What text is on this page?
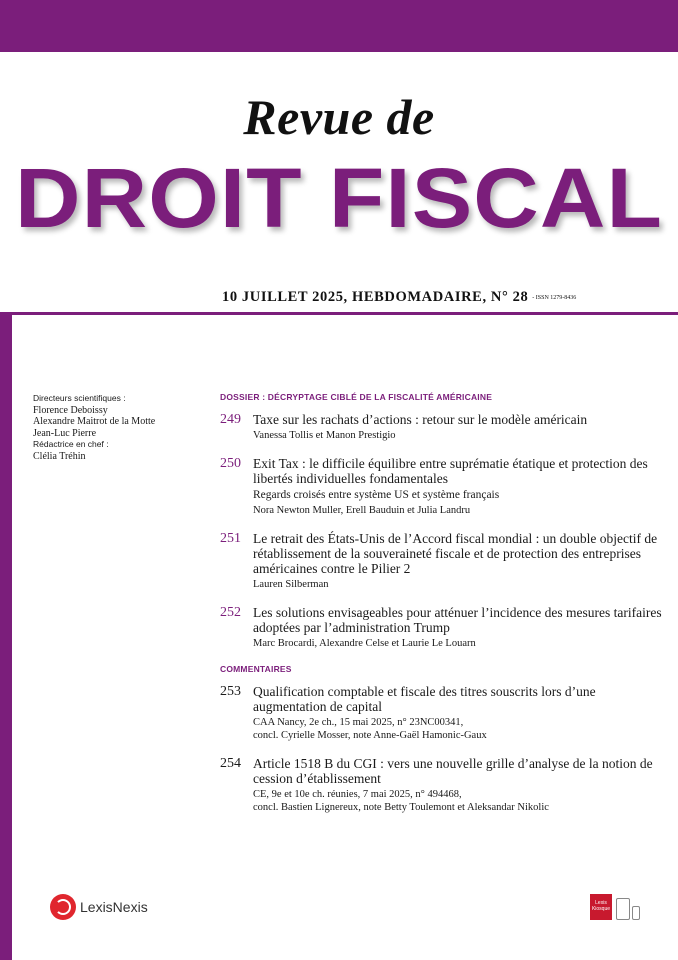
Revue de
DROIT FISCAL
10 JUILLET 2025, HEBDOMADAIRE, N° 28 - ISSN 1279-8436
Directeurs scientifiques :
Florence Deboissy
Alexandre Maitrot de la Motte
Jean-Luc Pierre
Rédactrice en chef :
Clélia Tréhin
DOSSIER : DÉCRYPTAGE CIBLÉ DE LA FISCALITÉ AMÉRICAINE
249 Taxe sur les rachats d’actions : retour sur le modèle américain
Vanessa Tollis et Manon Prestigio
250 Exit Tax : le difficile équilibre entre suprématie étatique et protection des libertés individuelles fondamentales
Regards croisés entre système US et système français
Nora Newton Muller, Erell Bauduin et Julia Landru
251 Le retrait des États-Unis de l’Accord fiscal mondial : un double objectif de rétablissement de la souveraineté fiscale et de protection des entreprises américaines contre le Pilier 2
Lauren Silberman
252 Les solutions envisageables pour atténuer l’incidence des mesures tarifaires adoptées par l’administration Trump
Marc Brocardi, Alexandre Celse et Laurie Le Louarn
COMMENTAIRES
253 Qualification comptable et fiscale des titres souscrits lors d’une augmentation de capital
CAA Nancy, 2e ch., 15 mai 2025, n° 23NC00341,
concl. Cyrielle Mosser, note Anne-Gaël Hamonic-Gaux
254 Article 1518 B du CGI : vers une nouvelle grille d’analyse de la notion de cession d’établissement
CE, 9e et 10e ch. réunies, 7 mai 2025, n° 494468,
concl. Bastien Lignereux, note Betty Toulemont et Aleksandar Nikolic
LexisNexis	Lexis Kiosque
